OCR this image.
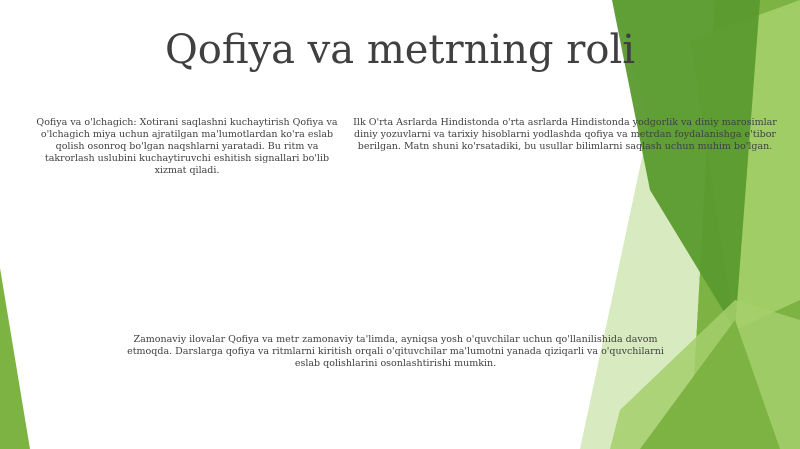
Qofiya va metrning roli
Qofiya va o'lchagich: Xotirani saqlashni kuchaytirish Qofiya va o'lchagich miya uchun ajratilgan ma'lumotlardan ko'ra eslab qolish osonroq bo'lgan naqshlarni yaratadi. Bu ritm va takrorlash uslubini kuchaytiruvchi eshitish signallari bo'lib xizmat qiladi.
Ilk O'rta Asrlarda Hindistonda o'rta asrlarda Hindistonda yodgorlik va diniy marosimlar diniy yozuvlarni va tarixiy hisoblarni yodlashda qofiya va metrdan foydalanishga e'tibor berilgan. Matn shuni ko'rsatadiki, bu usullar bilimlarni saqlash uchun muhim bo'lgan.
Zamonaviy ilovalar Qofiya va metr zamonaviy ta'limda, ayniqsa yosh o'quvchilar uchun qo'llanilishida davom etmoqda. Darslarga qofiya va ritmlarni kiritish orqali o'qituvchilar ma'lumotni yanada qiziqarli va o'quvchilarni eslab qolishlarini osonlashtirishi mumkin.
